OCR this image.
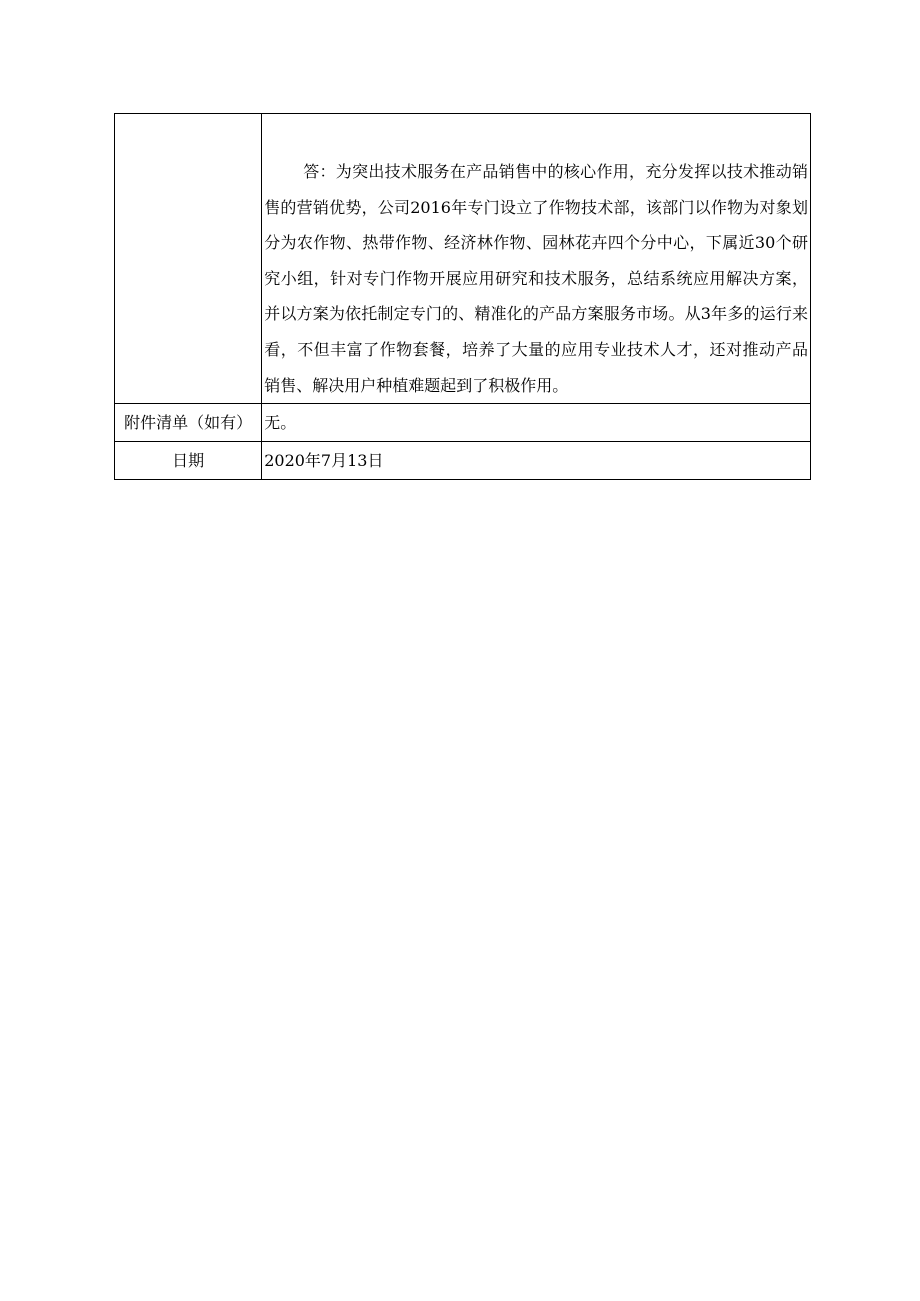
	答：为突出技术服务在产品销售中的核心作用，充分发挥以技术推动销售的营销优势，公司2016年专门设立了作物技术部，该部门以作物为对象划分为农作物、热带作物、经济林作物、园林花卉四个分中心，下属近30个研究小组，针对专门作物开展应用研究和技术服务，总结系统应用解决方案，并以方案为依托制定专门的、精准化的产品方案服务市场。从3年多的运行来看，不但丰富了作物套餐，培养了大量的应用专业技术人才，还对推动产品销售、解决用户种植难题起到了积极作用。

附件清单（如有）	无。
日期	2020年7月13日
